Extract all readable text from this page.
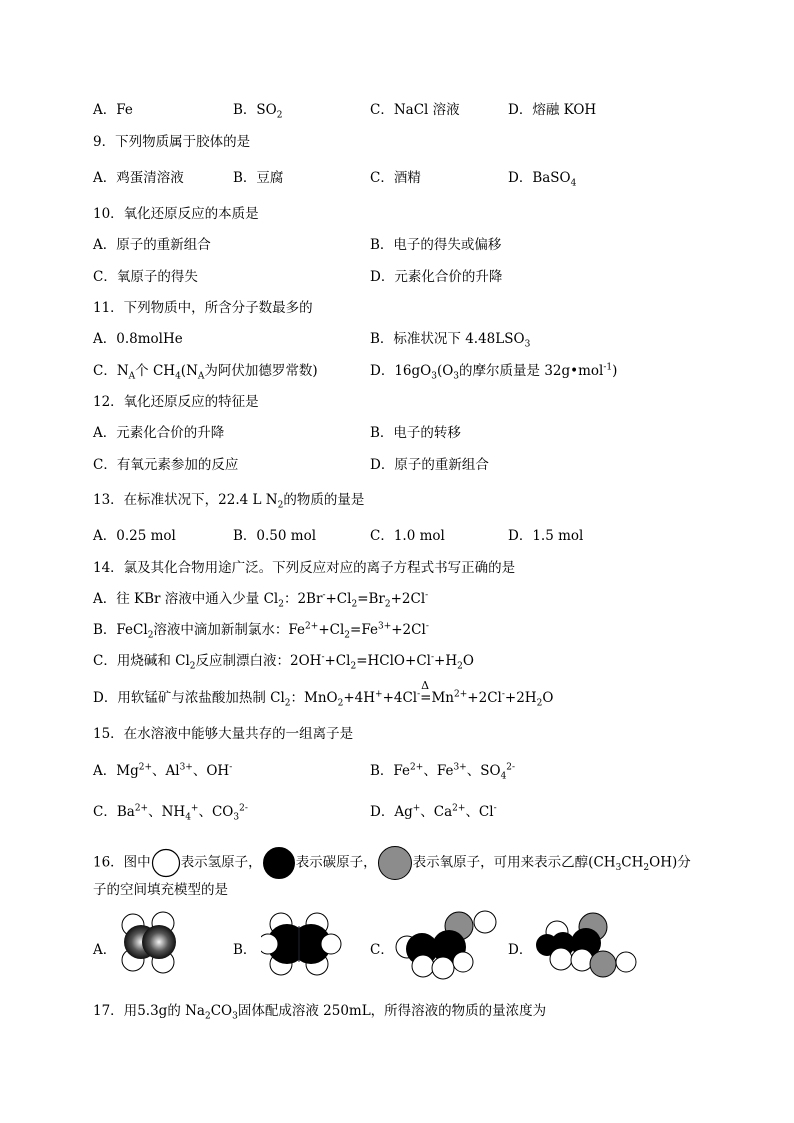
A．Fe	B．$SO_2$	C．NaCl 溶液	D．熔融 KOH
9．下列物质属于胶体的是
A．鸡蛋清溶液	B．豆腐	C．酒精	D．BaSO$_4$
10．氧化还原反应的本质是
A．原子的重新组合	B．电子的得失或偏移
C．氧原子的得失	D．元素化合价的升降
11．下列物质中，所含分子数最多的
A．0.8molHe	B．标准状况下 $4.48LSO_3$
C．$N_A$个 $CH_4(N_A$为阿伏加德罗常数)	D．$16gO_3(O_3$的摩尔质量是 32g•mol$^{-1}$)
12．氧化还原反应的特征是
A．元素化合价的升降	B．电子的转移
C．有氧元素参加的反应	D．原子的重新组合
13．在标准状况下，22.4 L $N_2$的物质的量是
A．0.25 mol	B．0.50 mol	C．1.0 mol	D．1.5 mol
14．氯及其化合物用途广泛。下列反应对应的离子方程式书写正确的是
A．往 KBr 溶液中通入少量 $Cl_2$：$2Br^-+Cl_2=Br_2+2Cl^-$
B．FeCl$_2$溶液中滴加新制氯水：$Fe^{2+}+Cl_2=Fe^{3+}+2Cl^-$
C．用烧碱和 $Cl_2$反应制漂白液：$2OH^-+Cl_2=HClO+Cl^-+H_2O$
D．用软锰矿与浓盐酸加热制 $Cl_2$：MnO$_2$+4H++4Cl-
Δ
$=Mn^{2+}+2Cl^-+2H_2O$
15．在水溶液中能够大量共存的一组离子是
A．$Mg^{2+}$、$Al^{3+}$、OH-	B．$Fe^{2+}$、$Fe^{3+}$、$SO_4^{2-}$
C．$Ba^{2+}$、$NH_4^+$、$CO_3^{2-}$	D．Ag+、$Ca^{2+}$、Cl-
16．图中 表示氢原子，	表示碳原子，	表示氧原子，可用来表示乙醇$(CH_3CH_2OH)$分
子的空间填充模型的是
A．	B．	C．	D．
17．用5.3g的 $Na_2CO_3$固体配成溶液 250mL，所得溶液的物质的量浓度为
